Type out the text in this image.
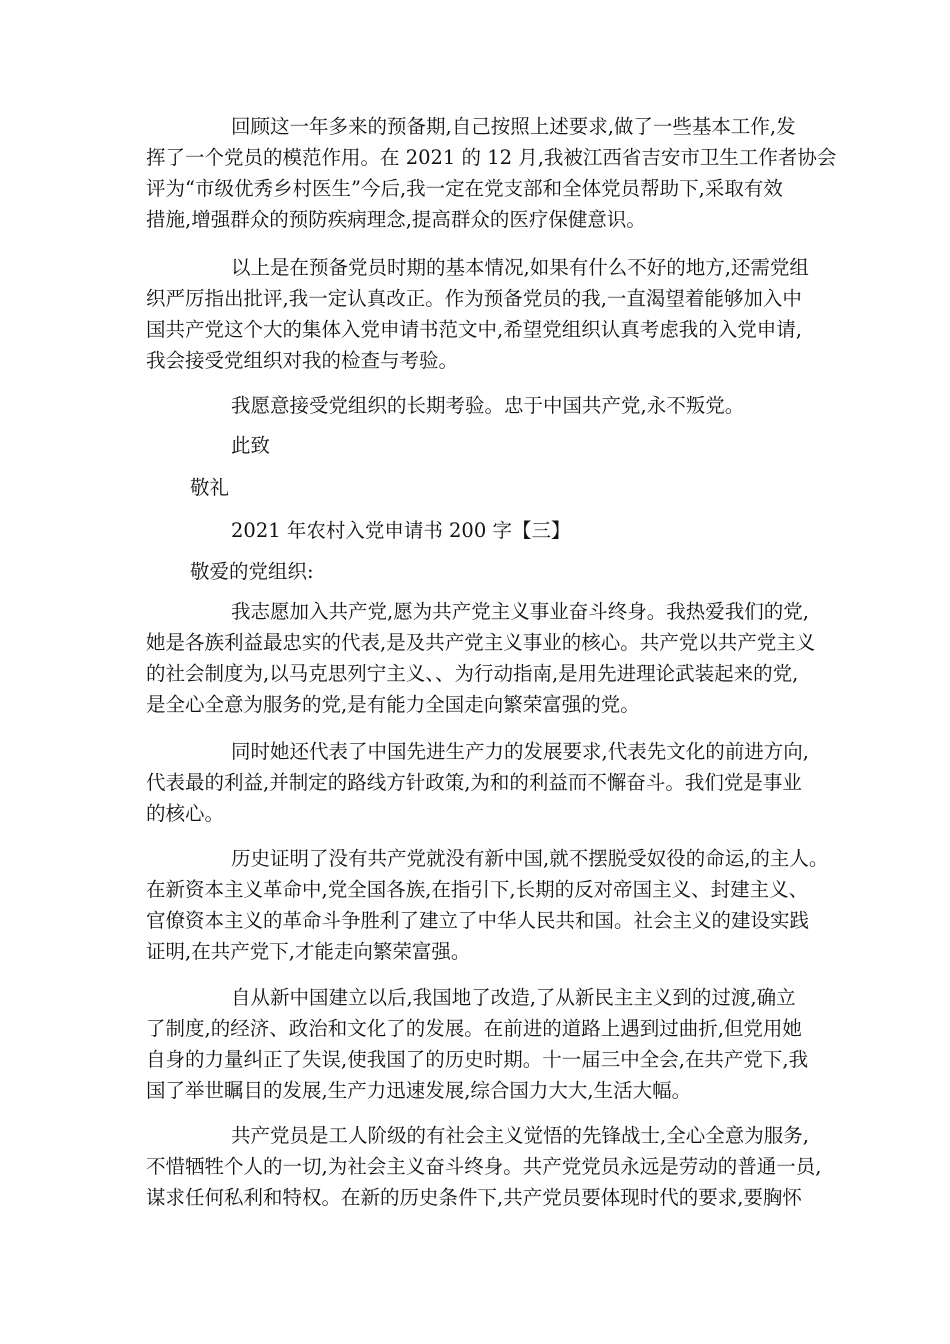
回顾这一年多来的预备期,自己按照上述要求,做了一些基本工作,发
挥了一个党员的模范作用。在 2021 的 12 月,我被江西省吉安市卫生工作者协会
评为“市级优秀乡村医生”今后,我一定在党支部和全体党员帮助下,采取有效
措施,增强群众的预防疾病理念,提高群众的医疗保健意识。
以上是在预备党员时期的基本情况,如果有什么不好的地方,还需党组
织严厉指出批评,我一定认真改正。作为预备党员的我,一直渴望着能够加入中
国共产党这个大的集体入党申请书范文中,希望党组织认真考虑我的入党申请,
我会接受党组织对我的检查与考验。
我愿意接受党组织的长期考验。忠于中国共产党,永不叛党。
此致
敬礼
2021 年农村入党申请书 200 字【三】
敬爱的党组织:
我志愿加入共产党,愿为共产党主义事业奋斗终身。我热爱我们的党,
她是各族利益最忠实的代表,是及共产党主义事业的核心。共产党以共产党主义
的社会制度为,以马克思列宁主义、、为行动指南,是用先进理论武装起来的党,
是全心全意为服务的党,是有能力全国走向繁荣富强的党。
同时她还代表了中国先进生产力的发展要求,代表先文化的前进方向,
代表最的利益,并制定的路线方针政策,为和的利益而不懈奋斗。我们党是事业
的核心。
历史证明了没有共产党就没有新中国,就不摆脱受奴役的命运,的主人。
在新资本主义革命中,党全国各族,在指引下,长期的反对帝国主义、封建主义、
官僚资本主义的革命斗争胜利了建立了中华人民共和国。社会主义的建设实践
证明,在共产党下,才能走向繁荣富强。
自从新中国建立以后,我国地了改造,了从新民主主义到的过渡,确立
了制度,的经济、政治和文化了的发展。在前进的道路上遇到过曲折,但党用她
自身的力量纠正了失误,使我国了的历史时期。十一届三中全会,在共产党下,我
国了举世瞩目的发展,生产力迅速发展,综合国力大大,生活大幅。
共产党员是工人阶级的有社会主义觉悟的先锋战士,全心全意为服务,
不惜牺牲个人的一切,为社会主义奋斗终身。共产党党员永远是劳动的普通一员,
谋求任何私利和特权。在新的历史条件下,共产党员要体现时代的要求,要胸怀
